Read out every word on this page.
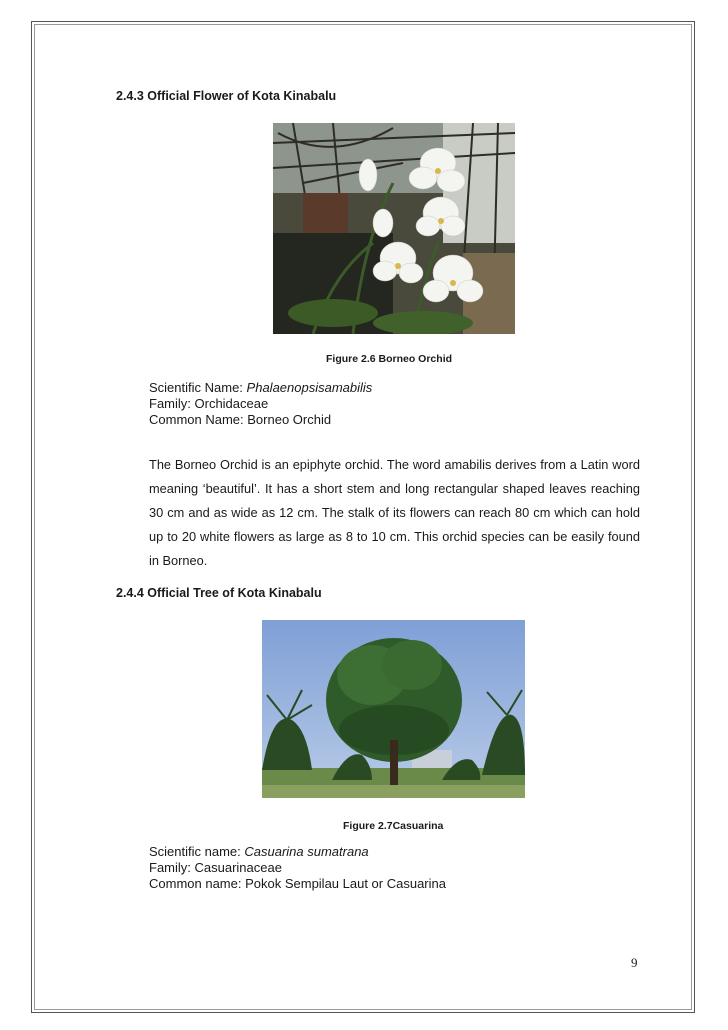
2.4.3 Official Flower of Kota Kinabalu
Figure 2.6 Borneo Orchid
Scientific Name: Phalaenopsisamabilis
Family: Orchidaceae
Common Name: Borneo Orchid
The Borneo Orchid is an epiphyte orchid. The word amabilis derives from a Latin word meaning ‘beautiful’. It has a short stem and long rectangular shaped leaves reaching 30 cm and as wide as 12 cm. The stalk of its flowers can reach 80 cm which can hold up to 20 white flowers as large as 8 to 10 cm. This orchid species can be easily found in Borneo.
2.4.4 Official Tree of Kota Kinabalu
Figure 2.7Casuarina
Scientific name: Casuarina sumatrana
Family: Casuarinaceae
Common name: Pokok Sempilau Laut or Casuarina
9
